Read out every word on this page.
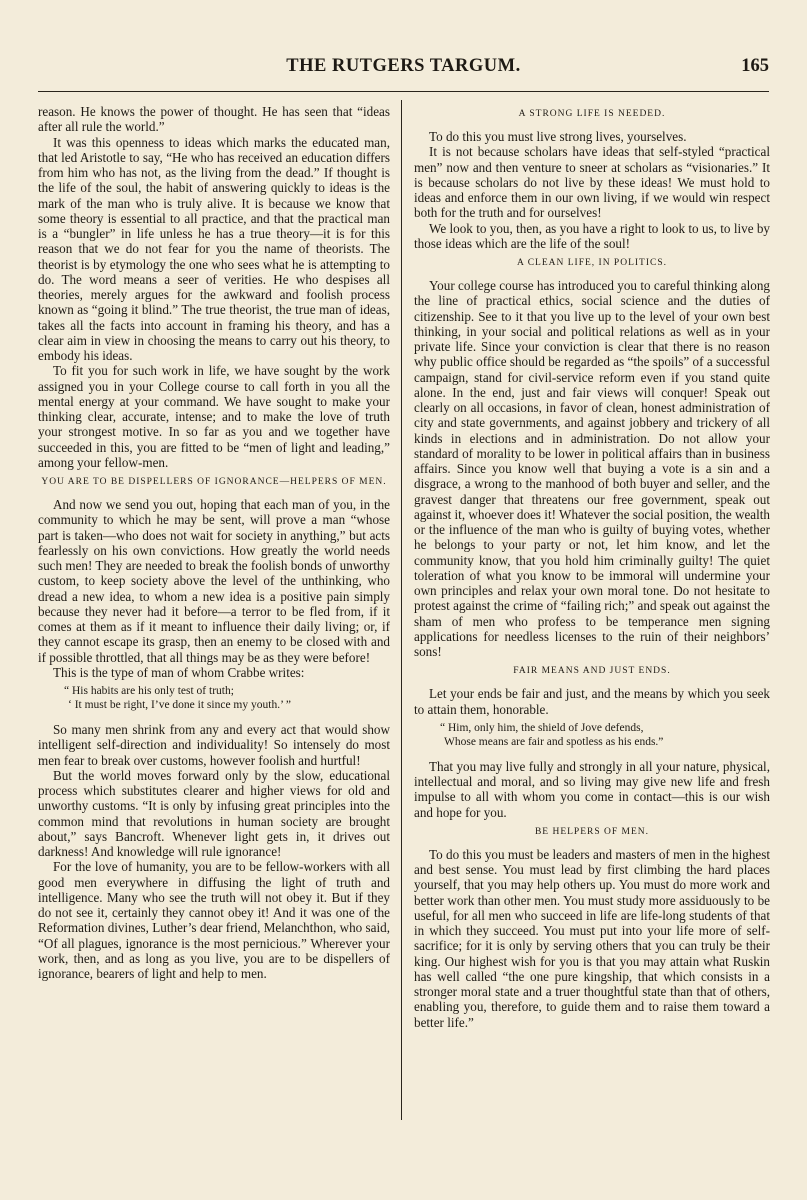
THE RUTGERS TARGUM.	165

reason. He knows the power of thought. He has seen that “ideas after all rule the world.”

It was this openness to ideas which marks the educated man, that led Aristotle to say, “He who has received an education differs from him who has not, as the living from the dead.” If thought is the life of the soul, the habit of answering quickly to ideas is the mark of the man who is truly alive. It is because we know that some theory is essential to all practice, and that the practical man is a “bungler” in life unless he has a true theory—it is for this reason that we do not fear for you the name of theorists. The theorist is by etymology the one who sees what he is attempting to do. The word means a seer of verities. He who despises all theories, merely argues for the awkward and foolish process known as “going it blind.” The true theorist, the true man of ideas, takes all the facts into account in framing his theory, and has a clear aim in view in choosing the means to carry out his theory, to embody his ideas.

To fit you for such work in life, we have sought by the work assigned you in your College course to call forth in you all the mental energy at your command. We have sought to make your thinking clear, accurate, intense; and to make the love of truth your strongest motive. In so far as you and we together have succeeded in this, you are fitted to be “men of light and leading,” among your fellow-men.

YOU ARE TO BE DISPELLERS OF IGNORANCE—HELPERS OF MEN.

And now we send you out, hoping that each man of you, in the community to which he may be sent, will prove a man “whose part is taken—who does not wait for society in anything,” but acts fearlessly on his own convictions. How greatly the world needs such men! They are needed to break the foolish bonds of unworthy custom, to keep society above the level of the unthinking, who dread a new idea, to whom a new idea is a positive pain simply because they never had it before—a terror to be fled from, if it comes at them as if it meant to influence their daily living; or, if they cannot escape its grasp, then an enemy to be closed with and if possible throttled, that all things may be as they were before!

This is the type of man of whom Crabbe writes:

“ His habits are his only test of truth;
‘ It must be right, I’ve done it since my youth.’ ”

So many men shrink from any and every act that would show intelligent self-direction and individuality! So intensely do most men fear to break over customs, however foolish and hurtful!

But the world moves forward only by the slow, educational process which substitutes clearer and higher views for old and unworthy customs. “It is only by infusing great principles into the common mind that revolutions in human society are brought about,” says Bancroft. Whenever light gets in, it drives out darkness! And knowledge will rule ignorance!

For the love of humanity, you are to be fellow-workers with all good men everywhere in diffusing the light of truth and intelligence. Many who see the truth will not obey it. But if they do not see it, certainly they cannot obey it! And it was one of the Reformation divines, Luther’s dear friend, Melanchthon, who said, “Of all plagues, ignorance is the most pernicious.” Wherever your work, then, and as long as you live, you are to be dispellers of ignorance, bearers of light and help to men.

A STRONG LIFE IS NEEDED.

To do this you must live strong lives, yourselves.

It is not because scholars have ideas that self-styled “practical men” now and then venture to sneer at scholars as “visionaries.” It is because scholars do not live by these ideas! We must hold to ideas and enforce them in our own living, if we would win respect both for the truth and for ourselves!

We look to you, then, as you have a right to look to us, to live by those ideas which are the life of the soul!

A CLEAN LIFE, IN POLITICS.

Your college course has introduced you to careful thinking along the line of practical ethics, social science and the duties of citizenship. See to it that you live up to the level of your own best thinking, in your social and political relations as well as in your private life. Since your conviction is clear that there is no reason why public office should be regarded as “the spoils” of a successful campaign, stand for civil-service reform even if you stand quite alone. In the end, just and fair views will conquer! Speak out clearly on all occasions, in favor of clean, honest administration of city and state governments, and against jobbery and trickery of all kinds in elections and in administration. Do not allow your standard of morality to be lower in political affairs than in business affairs. Since you know well that buying a vote is a sin and a disgrace, a wrong to the manhood of both buyer and seller, and the gravest danger that threatens our free government, speak out against it, whoever does it! Whatever the social position, the wealth or the influence of the man who is guilty of buying votes, whether he belongs to your party or not, let him know, and let the community know, that you hold him criminally guilty! The quiet toleration of what you know to be immoral will undermine your own principles and relax your own moral tone. Do not hesitate to protest against the crime of “failing rich;” and speak out against the sham of men who profess to be temperance men signing applications for needless licenses to the ruin of their neighbors’ sons!

FAIR MEANS AND JUST ENDS.

Let your ends be fair and just, and the means by which you seek to attain them, honorable.

“ Him, only him, the shield of Jove defends,
Whose means are fair and spotless as his ends.”

That you may live fully and strongly in all your nature, physical, intellectual and moral, and so living may give new life and fresh impulse to all with whom you come in contact—this is our wish and hope for you.

BE HELPERS OF MEN.

To do this you must be leaders and masters of men in the highest and best sense. You must lead by first climbing the hard places yourself, that you may help others up. You must do more work and better work than other men. You must study more assiduously to be useful, for all men who succeed in life are life-long students of that in which they succeed. You must put into your life more of self-sacrifice; for it is only by serving others that you can truly be their king. Our highest wish for you is that you may attain what Ruskin has well called “the one pure kingship, that which consists in a stronger moral state and a truer thoughtful state than that of others, enabling you, therefore, to guide them and to raise them toward a better life.”
